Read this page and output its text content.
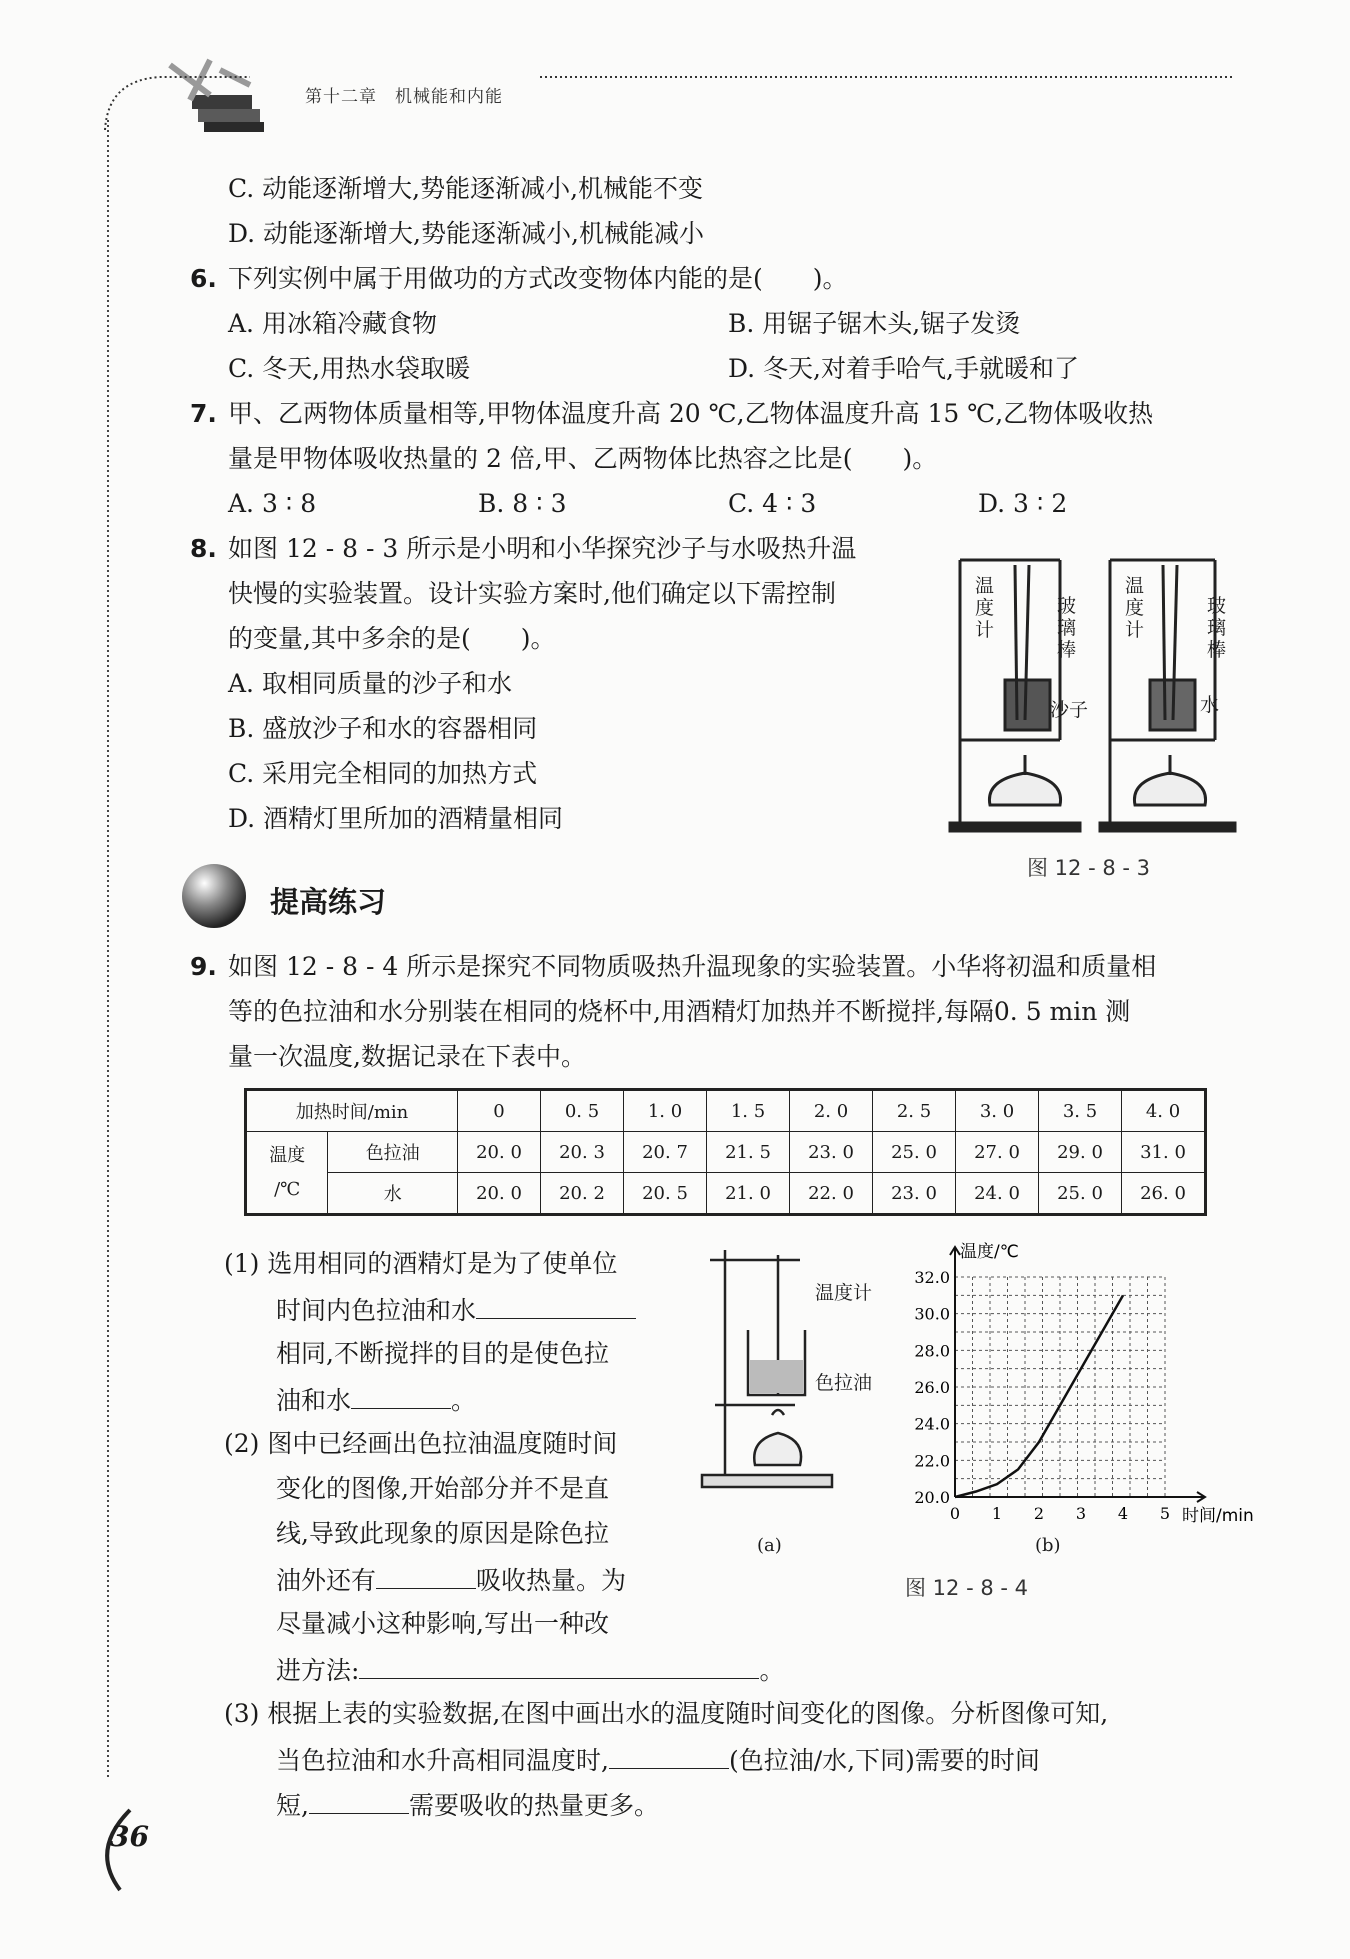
第十二章　机械能和内能
36
C. 动能逐渐增大,势能逐渐减小,机械能不变
D. 动能逐渐增大,势能逐渐减小,机械能减小
6. 下列实例中属于用做功的方式改变物体内能的是(　　)。
A. 用冰箱冷藏食物	B. 用锯子锯木头,锯子发烫
C. 冬天,用热水袋取暖	D. 冬天,对着手哈气,手就暖和了
7. 甲、乙两物体质量相等,甲物体温度升高 20 ℃,乙物体温度升高 15 ℃,乙物体吸收热
量是甲物体吸收热量的 2 倍,甲、乙两物体比热容之比是(　　)。
A. 3 ∶ 8	B. 8 ∶ 3	C. 4 ∶ 3	D. 3 ∶ 2
8. 如图 12 - 8 - 3 所示是小明和小华探究沙子与水吸热升温
快慢的实验装置。设计实验方案时,他们确定以下需控制
的变量,其中多余的是(　　)。
A. 取相同质量的沙子和水
B. 盛放沙子和水的容器相同
C. 采用完全相同的加热方式
D. 酒精灯里所加的酒精量相同
温度计
玻璃棒
沙子
温度计
玻璃棒
水
图 12 - 8 - 3
提高练习
9. 如图 12 - 8 - 4 所示是探究不同物质吸热升温现象的实验装置。小华将初温和质量相
等的色拉油和水分别装在相同的烧杯中,用酒精灯加热并不断搅拌,每隔0. 5 min 测
量一次温度,数据记录在下表中。
加热时间/min		0	0. 5	1. 0	1. 5	2. 0	2. 5	3. 0	3. 5	4. 0

温度
/℃	色拉油	20. 0	20. 3	20. 7	21. 5	23. 0	25. 0	27. 0	29. 0	31. 0
	水	20. 0	20. 2	20. 5	21. 0	22. 0	23. 0	24. 0	25. 0	26. 0
(1) 选用相同的酒精灯是为了使单位
时间内色拉油和水
相同,不断搅拌的目的是使色拉
油和水	。
(2) 图中已经画出色拉油温度随时间
变化的图像,开始部分并不是直
线,导致此现象的原因是除色拉
油外还有	吸收热量。为
尽量减小这种影响,写出一种改
进方法:	。
(3) 根据上表的实验数据,在图中画出水的温度随时间变化的图像。分析图像可知,
当色拉油和水升高相同温度时,	(色拉油/水,下同)需要的时间
短,	需要吸收的热量更多。
温度计
色拉油
(a)
0 1 2 3 4 5
20.0
22.0
24.0
26.0
28.0
30.0
32.0
温度/℃
时间/min
(b)
图 12 - 8 - 4
